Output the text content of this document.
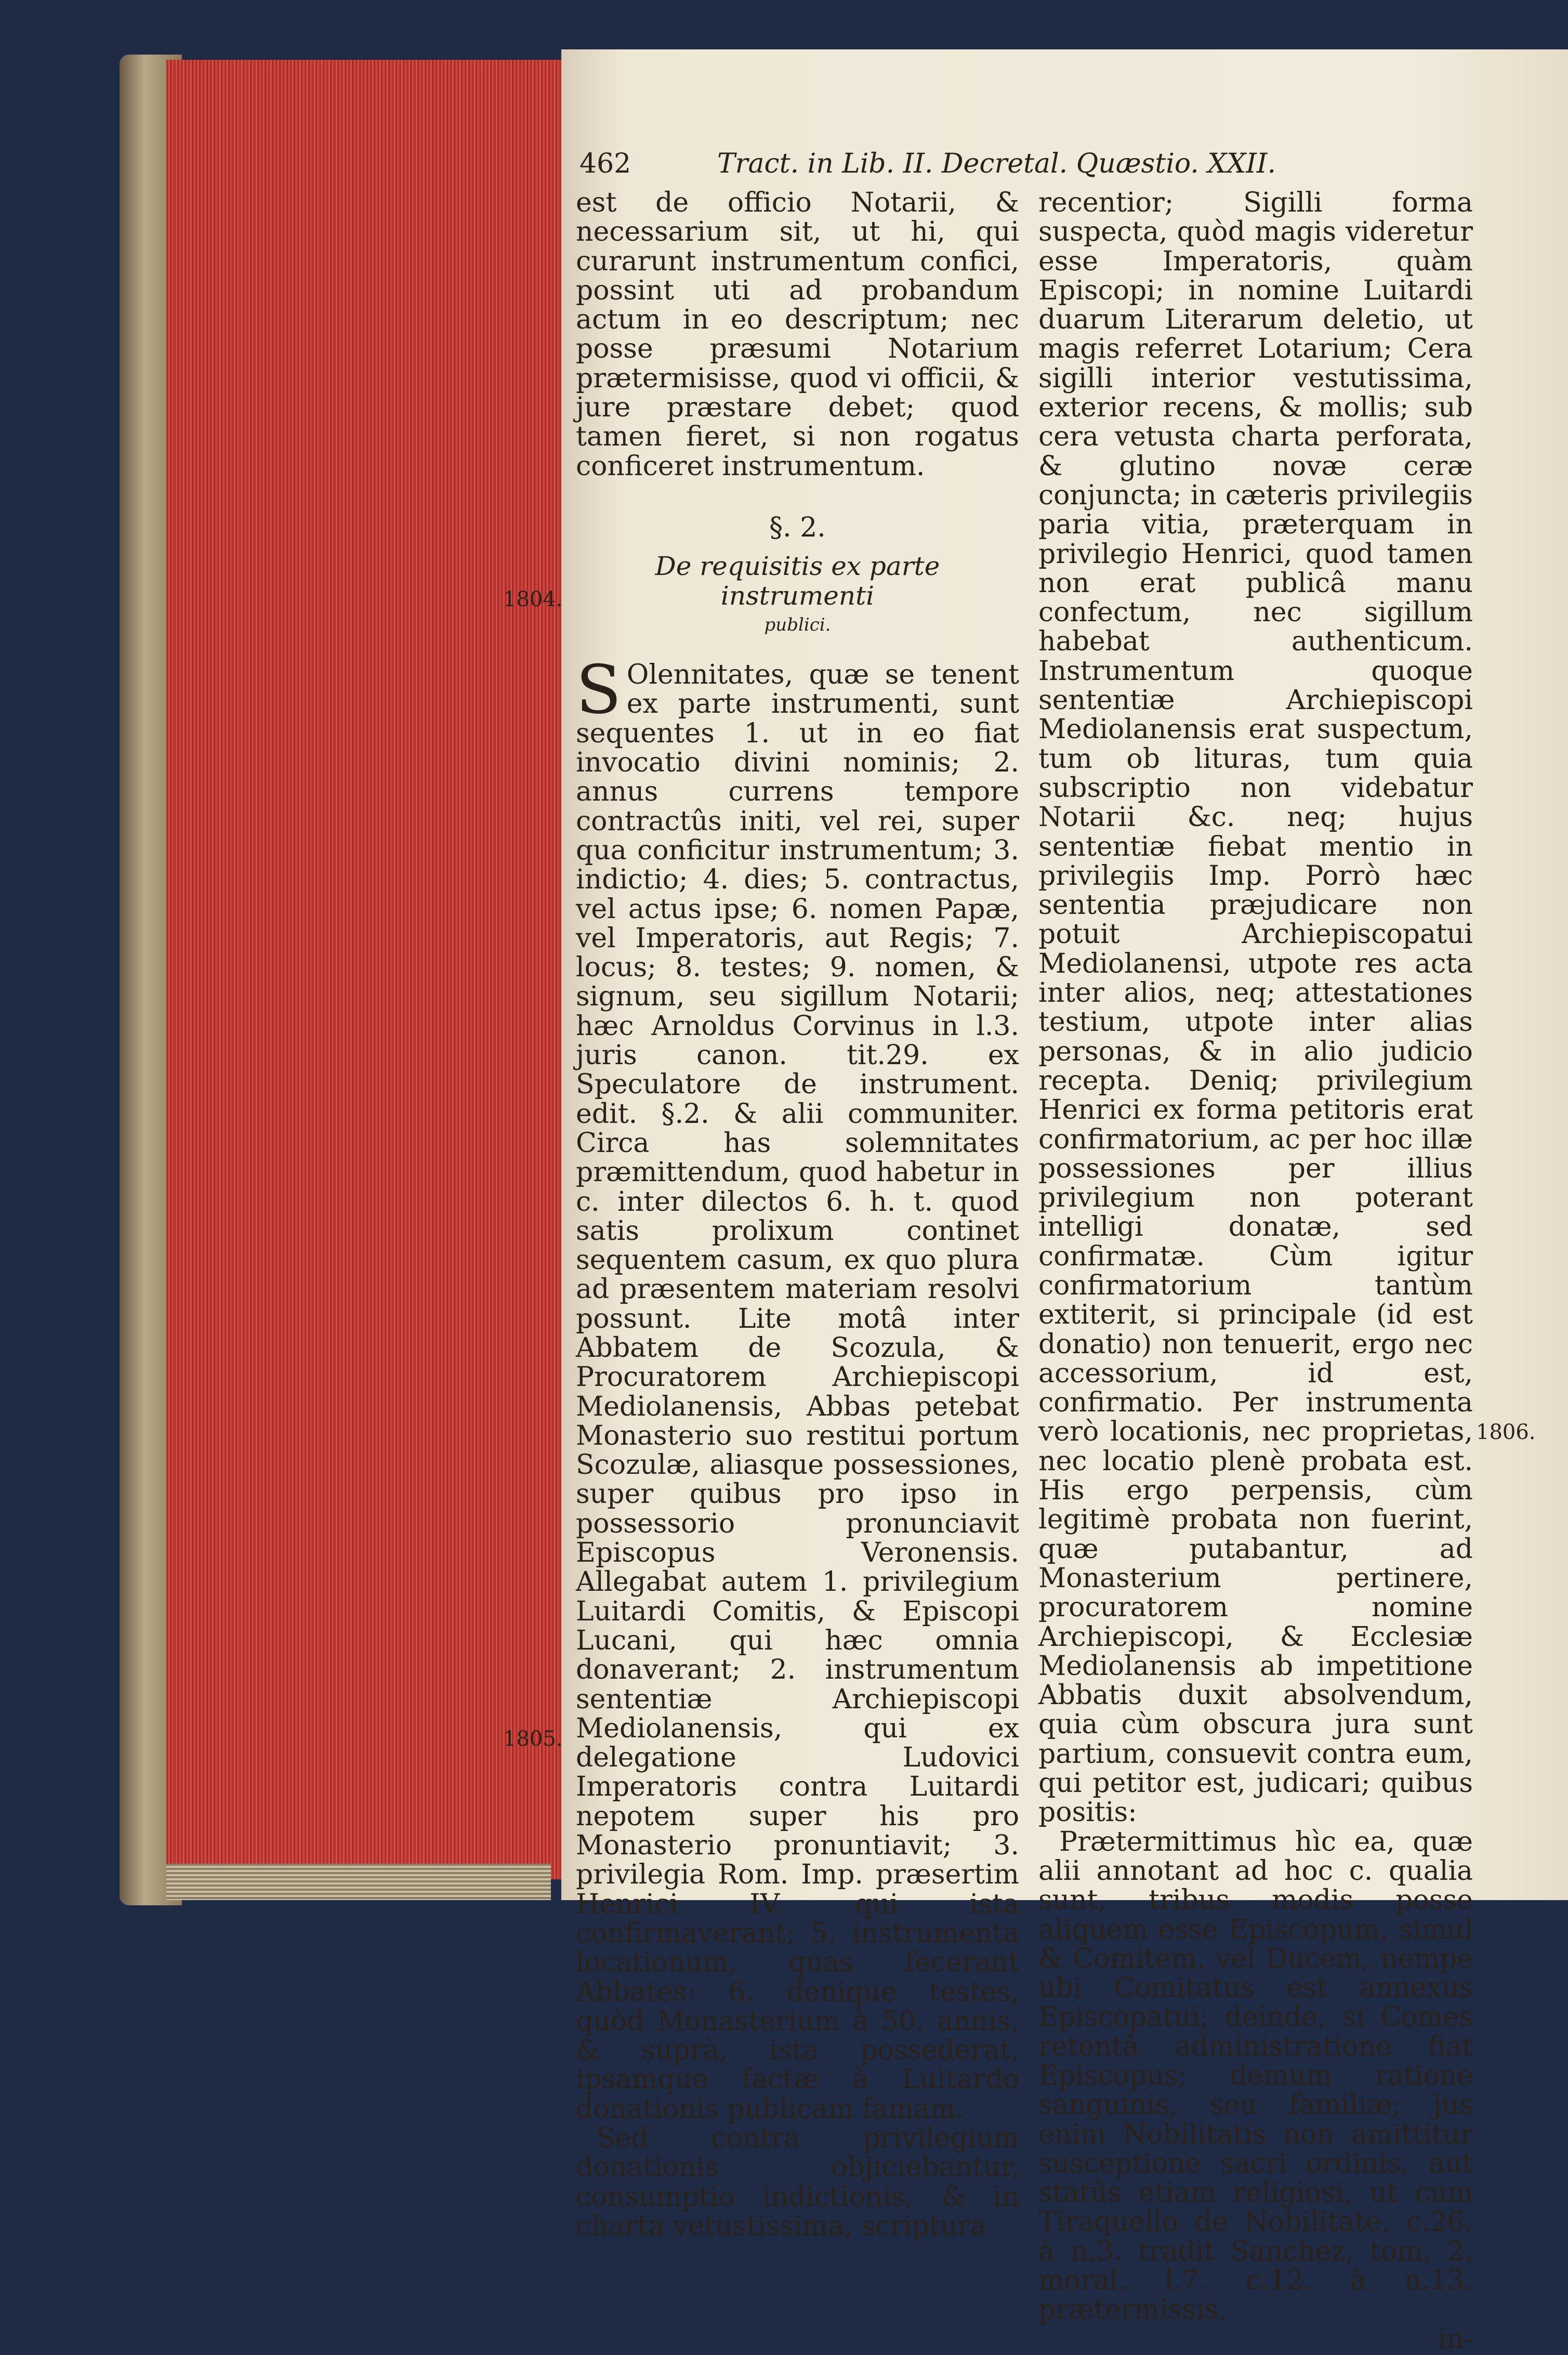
462	Tract. in Lib. II. Decretal. Quæstio. XXII.

est de officio Notarii, & necessarium sit, ut hi, qui curarunt instrumentum confici, possint uti ad probandum actum in eo descriptum; nec posse præsumi Notarium prætermisisse, quod vi officii, & jure præstare debet; quod tamen fieret, si non rogatus conficeret instrumentum.

§. 2.
De requisitis ex parte instrumenti
publici.
S Olennitates, quæ se tenent ex parte instrumenti, sunt sequentes 1. ut in eo fiat invocatio divini nominis; 2. annus currens tempore contractûs initi, vel rei, super qua conficitur instrumentum; 3. indictio; 4. dies; 5. contractus, vel actus ipse; 6. nomen Papæ, vel Imperatoris, aut Regis; 7. locus; 8. testes; 9. nomen, & signum, seu sigillum Notarii; hæc Arnoldus Corvinus in l.3. juris canon. tit.29. ex Speculatore de instrument. edit. §.2. & alii communiter. Circa has solemnitates præmittendum, quod habetur in c. inter dilectos 6. h. t. quod satis prolixum continet sequentem casum, ex quo plura ad præsentem materiam resolvi possunt. Lite motâ inter Abbatem de Scozula, & Procuratorem Archiepiscopi Mediolanensis, Abbas petebat Monasterio suo restitui portum Scozulæ, aliasque possessiones, super quibus pro ipso in possessorio pronunciavit Episcopus Veronensis. Allegabat autem 1. privilegium Luitardi Comitis, & Episcopi Lucani, qui hæc omnia donaverant; 2. instrumentum sententiæ Archiepiscopi Mediolanensis, qui ex delegatione Ludovici Imperatoris contra Luitardi nepotem super his pro Monasterio pronuntiavit; 3. privilegia Rom. Imp. præsertim Henrici IV. qui ista confirmaverant; 5. instrumenta locationum, quas fecerant Abbates: 6. denique testes, quòd Monasterium à 50. annis, & suprà, ista possederat, ipsamque factæ à Luitardo donationis publicam famam.

Sed contra privilegium donationis objiciebantur, consumptio indictionis, & in charta vetustissima, scriptura

recentior; Sigilli forma suspecta, quòd magis videretur esse Imperatoris, quàm Episcopi; in nomine Luitardi duarum Literarum deletio, ut magis referret Lotarium; Cera sigilli interior vestutissima, exterior recens, & mollis; sub cera vetusta charta perforata, & glutino novæ ceræ conjuncta; in cæteris privilegiis paria vitia, præterquam in privilegio Henrici, quod tamen non erat publicâ manu confectum, nec sigillum habebat authenticum. Instrumentum quoque sententiæ Archiepiscopi Mediolanensis erat suspectum, tum ob lituras, tum quia subscriptio non videbatur Notarii &c. neq; hujus sententiæ fiebat mentio in privilegiis Imp. Porrò hæc sententia præjudicare non potuit Archiepiscopatui Mediolanensi, utpote res acta inter alios, neq; attestationes testium, utpote inter alias personas, & in alio judicio recepta. Deniq; privilegium Henrici ex forma petitoris erat confirmatorium, ac per hoc illæ possessiones per illius privilegium non poterant intelligi donatæ, sed confirmatæ. Cùm igitur confirmatorium tantùm extiterit, si principale (id est donatio) non tenuerit, ergo nec accessorium, id est, confirmatio. Per instrumenta verò locationis, nec proprietas, nec locatio plenè probata est. His ergo perpensis, cùm legitimè probata non fuerint, quæ putabantur, ad Monasterium pertinere, procuratorem nomine Archiepiscopi, & Ecclesiæ Mediolanensis ab impetitione Abbatis duxit absolvendum, quia cùm obscura jura sunt partium, consuevit contra eum, qui petitor est, judicari; quibus positis:

Prætermittimus hìc ea, quæ alii annotant ad hoc c. qualia sunt, tribus modis posse aliquem esse Episcopum, simul & Comitem, vel Ducem, nempe ubi Comitatus est annexus Episcopatui; deinde, si Comes retentâ administratione fiat Episcopus; demum ratione sanguinis, seu familiæ; jus enim Nobilitatis non amittitur susceptione sacri ordinis, aut statûs etiam religiosi, ut cum Tiraquello de Nobilitate, c.26. à n.3. tradit Sanchez, tom. 2. moral. l.7. c.12. à n.13. prætermissis,

in-
1804.
1805.
1806.
